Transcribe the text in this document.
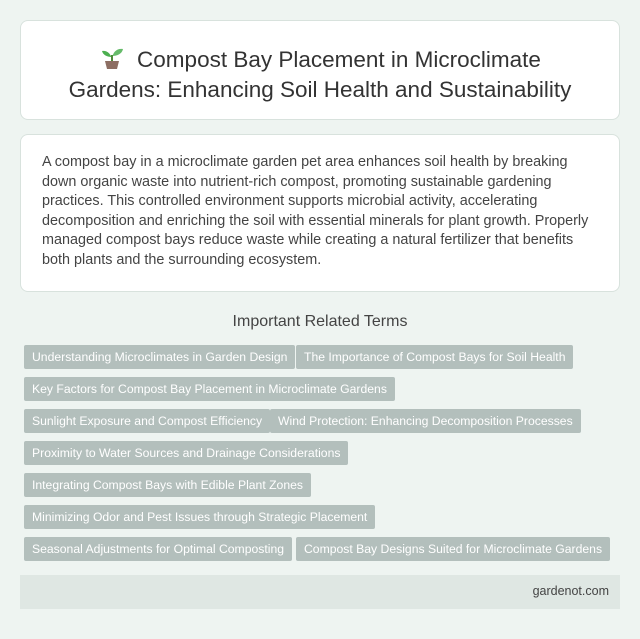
Compost Bay Placement in Microclimate
Gardens: Enhancing Soil Health and Sustainability
A compost bay in a microclimate garden pet area enhances soil health by breaking down organic waste into nutrient-rich compost, promoting sustainable gardening practices. This controlled environment supports microbial activity, accelerating decomposition and enriching the soil with essential minerals for plant growth. Properly managed compost bays reduce waste while creating a natural fertilizer that benefits both plants and the surrounding ecosystem.
Important Related Terms
Understanding Microclimates in Garden Design	The Importance of Compost Bays for Soil Health
Key Factors for Compost Bay Placement in Microclimate Gardens
Sunlight Exposure and Compost Efficiency	Wind Protection: Enhancing Decomposition Processes
Proximity to Water Sources and Drainage Considerations
Integrating Compost Bays with Edible Plant Zones
Minimizing Odor and Pest Issues through Strategic Placement
Seasonal Adjustments for Optimal Composting	Compost Bay Designs Suited for Microclimate Gardens
gardenot.com
